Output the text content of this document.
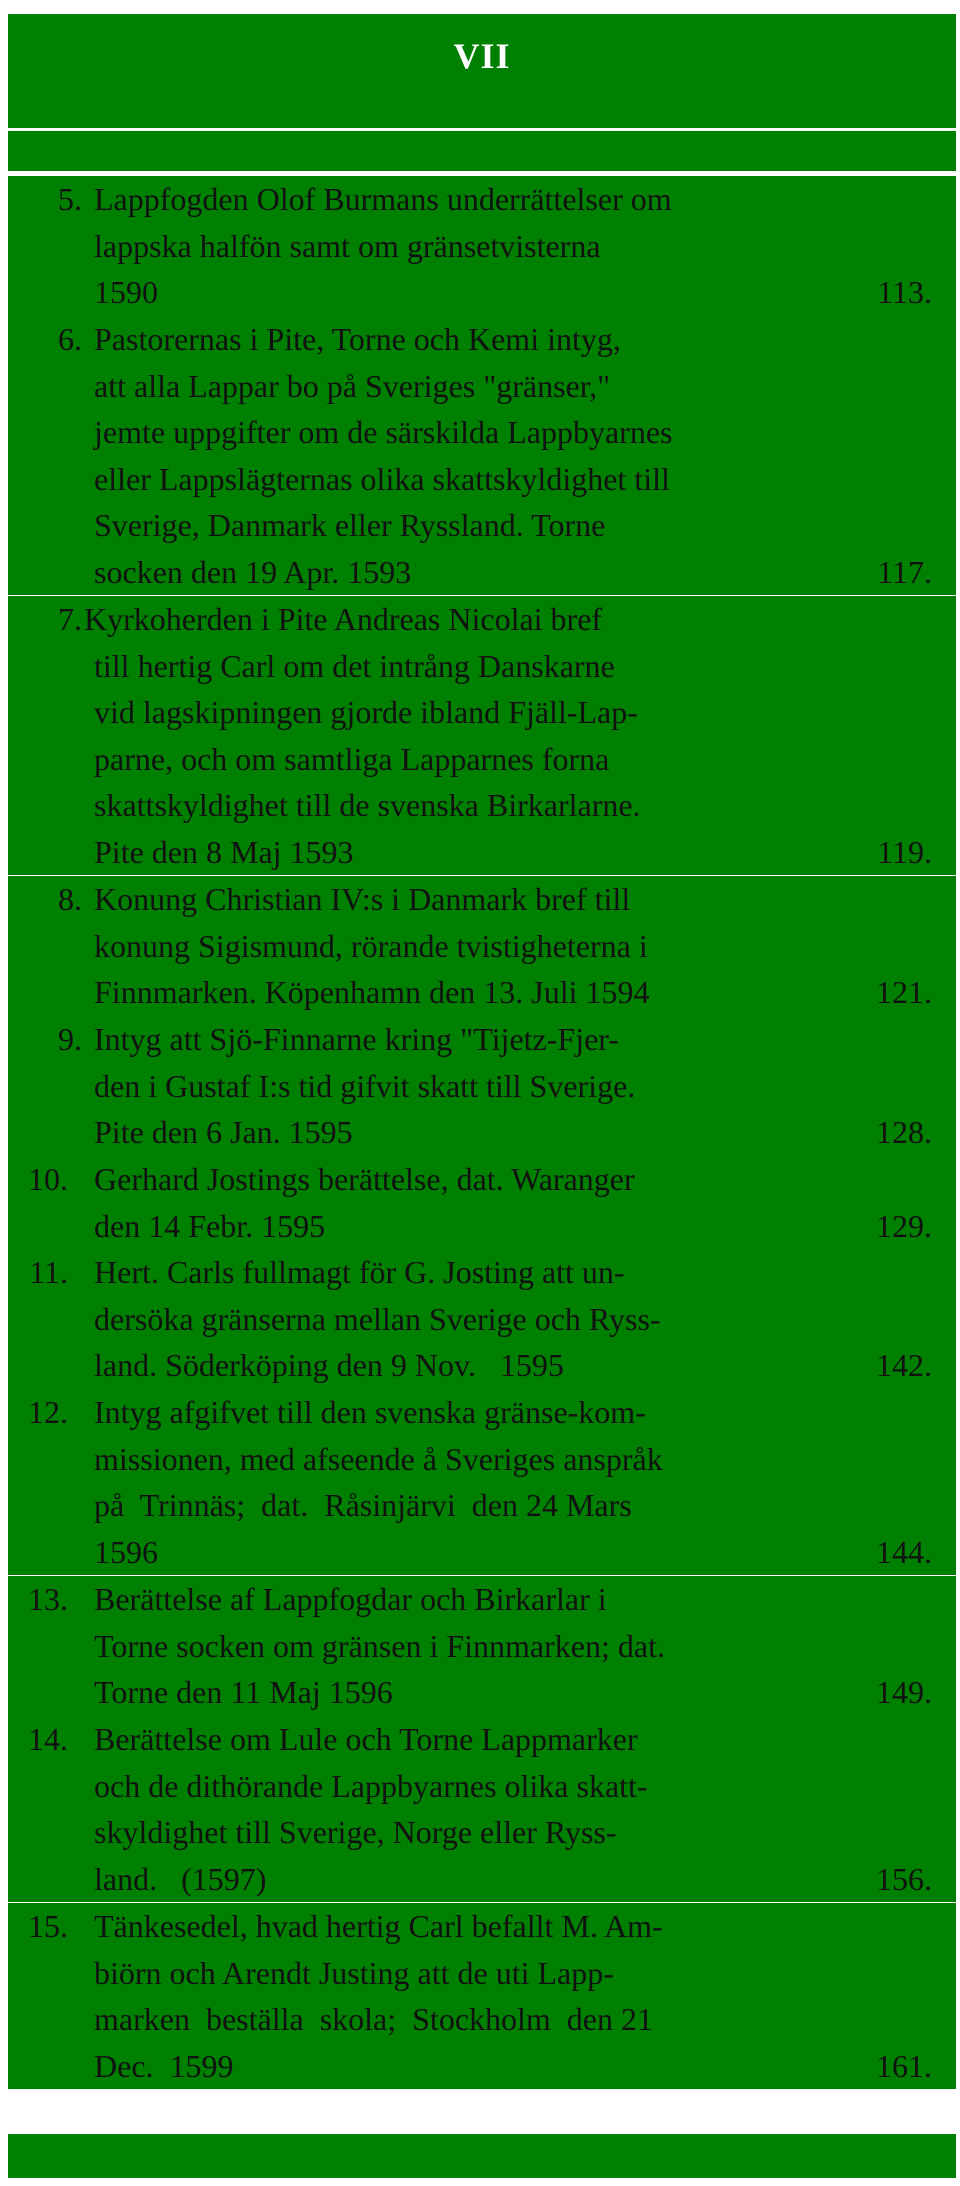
VII
5. Lappfogden Olof Burmans underrättelser om
lappska halfön samt om gränsetvisterna
1590	113.
6. Pastorernas i Pite, Torne och Kemi intyg,
att alla Lappar bo på Sveriges "gränser,"
jemte uppgifter om de särskilda Lappbyarnes
eller Lappslägternas olika skattskyldighet till
Sverige, Danmark eller Ryssland. Torne
socken den 19 Apr. 1593	117.
7. Kyrkoherden i Pite Andreas Nicolai bref
till hertig Carl om det intrång Danskarne
vid lagskipningen gjorde ibland Fjäll-Lap-
parne, och om samtliga Lapparnes forna
skattskyldighet till de svenska Birkarlarne.
Pite den 8 Maj 1593	119.
8. Konung Christian IV:s i Danmark bref till
konung Sigismund, rörande tvistigheterna i
Finnmarken. Köpenhamn den 13. Juli 1594	121.
9. Intyg att Sjö-Finnarne kring "Tijetz-Fjer-
den i Gustaf I:s tid gifvit skatt till Sverige.
Pite den 6 Jan. 1595	128.
10. Gerhard Jostings berättelse, dat. Waranger
den 14 Febr. 1595	129.
11. Hert. Carls fullmagt för G. Josting att un-
dersöka gränserna mellan Sverige och Ryss-
land. Söderköping den 9 Nov.   1595	142.
12. Intyg afgifvet till den svenska gränse-kom-
missionen, med afseende å Sveriges anspråk
på  Trinnäs;  dat.  Råsinjärvi  den 24 Mars
1596	144.
13. Berättelse af Lappfogdar och Birkarlar i
Torne socken om gränsen i Finnmarken; dat.
Torne den 11 Maj 1596	149.
14. Berättelse om Lule och Torne Lappmarker
och de dithörande Lappbyarnes olika skatt-
skyldighet till Sverige, Norge eller Ryss-
land.   (1597)	156.
15. Tänkesedel, hvad hertig Carl befallt M. Am-
biörn och Arendt Justing att de uti Lapp-
marken  beställa  skola;  Stockholm  den 21
Dec.  1599	161.
